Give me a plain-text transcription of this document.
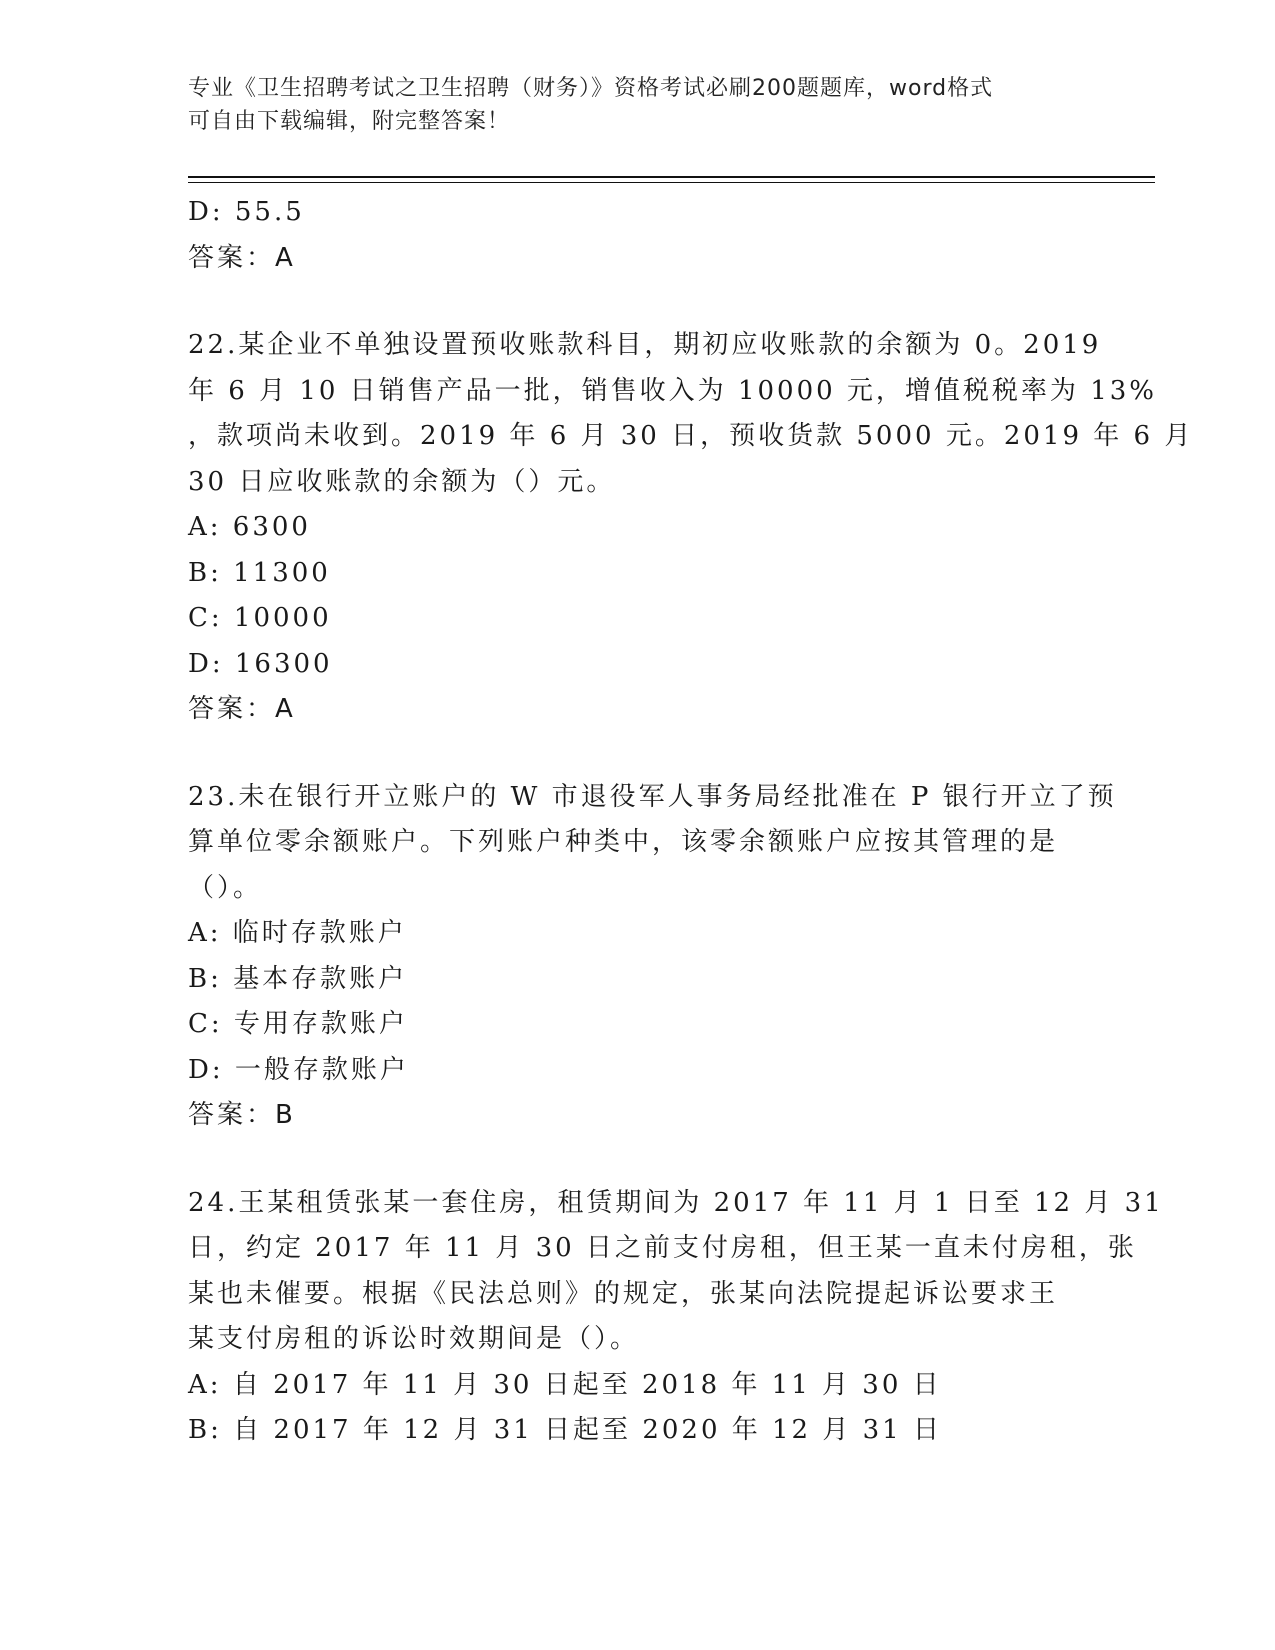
专业《卫生招聘考试之卫生招聘（财务）》资格考试必刷200题题库，word格式
可自由下载编辑，附完整答案！
D: 55.5
答案：A
22.某企业不单独设置预收账款科目，期初应收账款的余额为 0。2019
年 6 月 10 日销售产品一批，销售收入为 10000 元，增值税税率为 13%
，款项尚未收到。2019 年 6 月 30 日，预收货款 5000 元。2019 年 6 月
30 日应收账款的余额为（）元。
A: 6300
B: 11300
C: 10000
D: 16300
答案：A
23.未在银行开立账户的 W 市退役军人事务局经批准在 P 银行开立了预
算单位零余额账户。下列账户种类中，该零余额账户应按其管理的是
（）。
A: 临时存款账户
B: 基本存款账户
C: 专用存款账户
D: 一般存款账户
答案：B
24.王某租赁张某一套住房，租赁期间为 2017 年 11 月 1 日至 12 月 31
日，约定 2017 年 11 月 30 日之前支付房租，但王某一直未付房租，张
某也未催要。根据《民法总则》的规定，张某向法院提起诉讼要求王
某支付房租的诉讼时效期间是（）。
A: 自 2017 年 11 月 30 日起至 2018 年 11 月 30 日
B: 自 2017 年 12 月 31 日起至 2020 年 12 月 31 日
